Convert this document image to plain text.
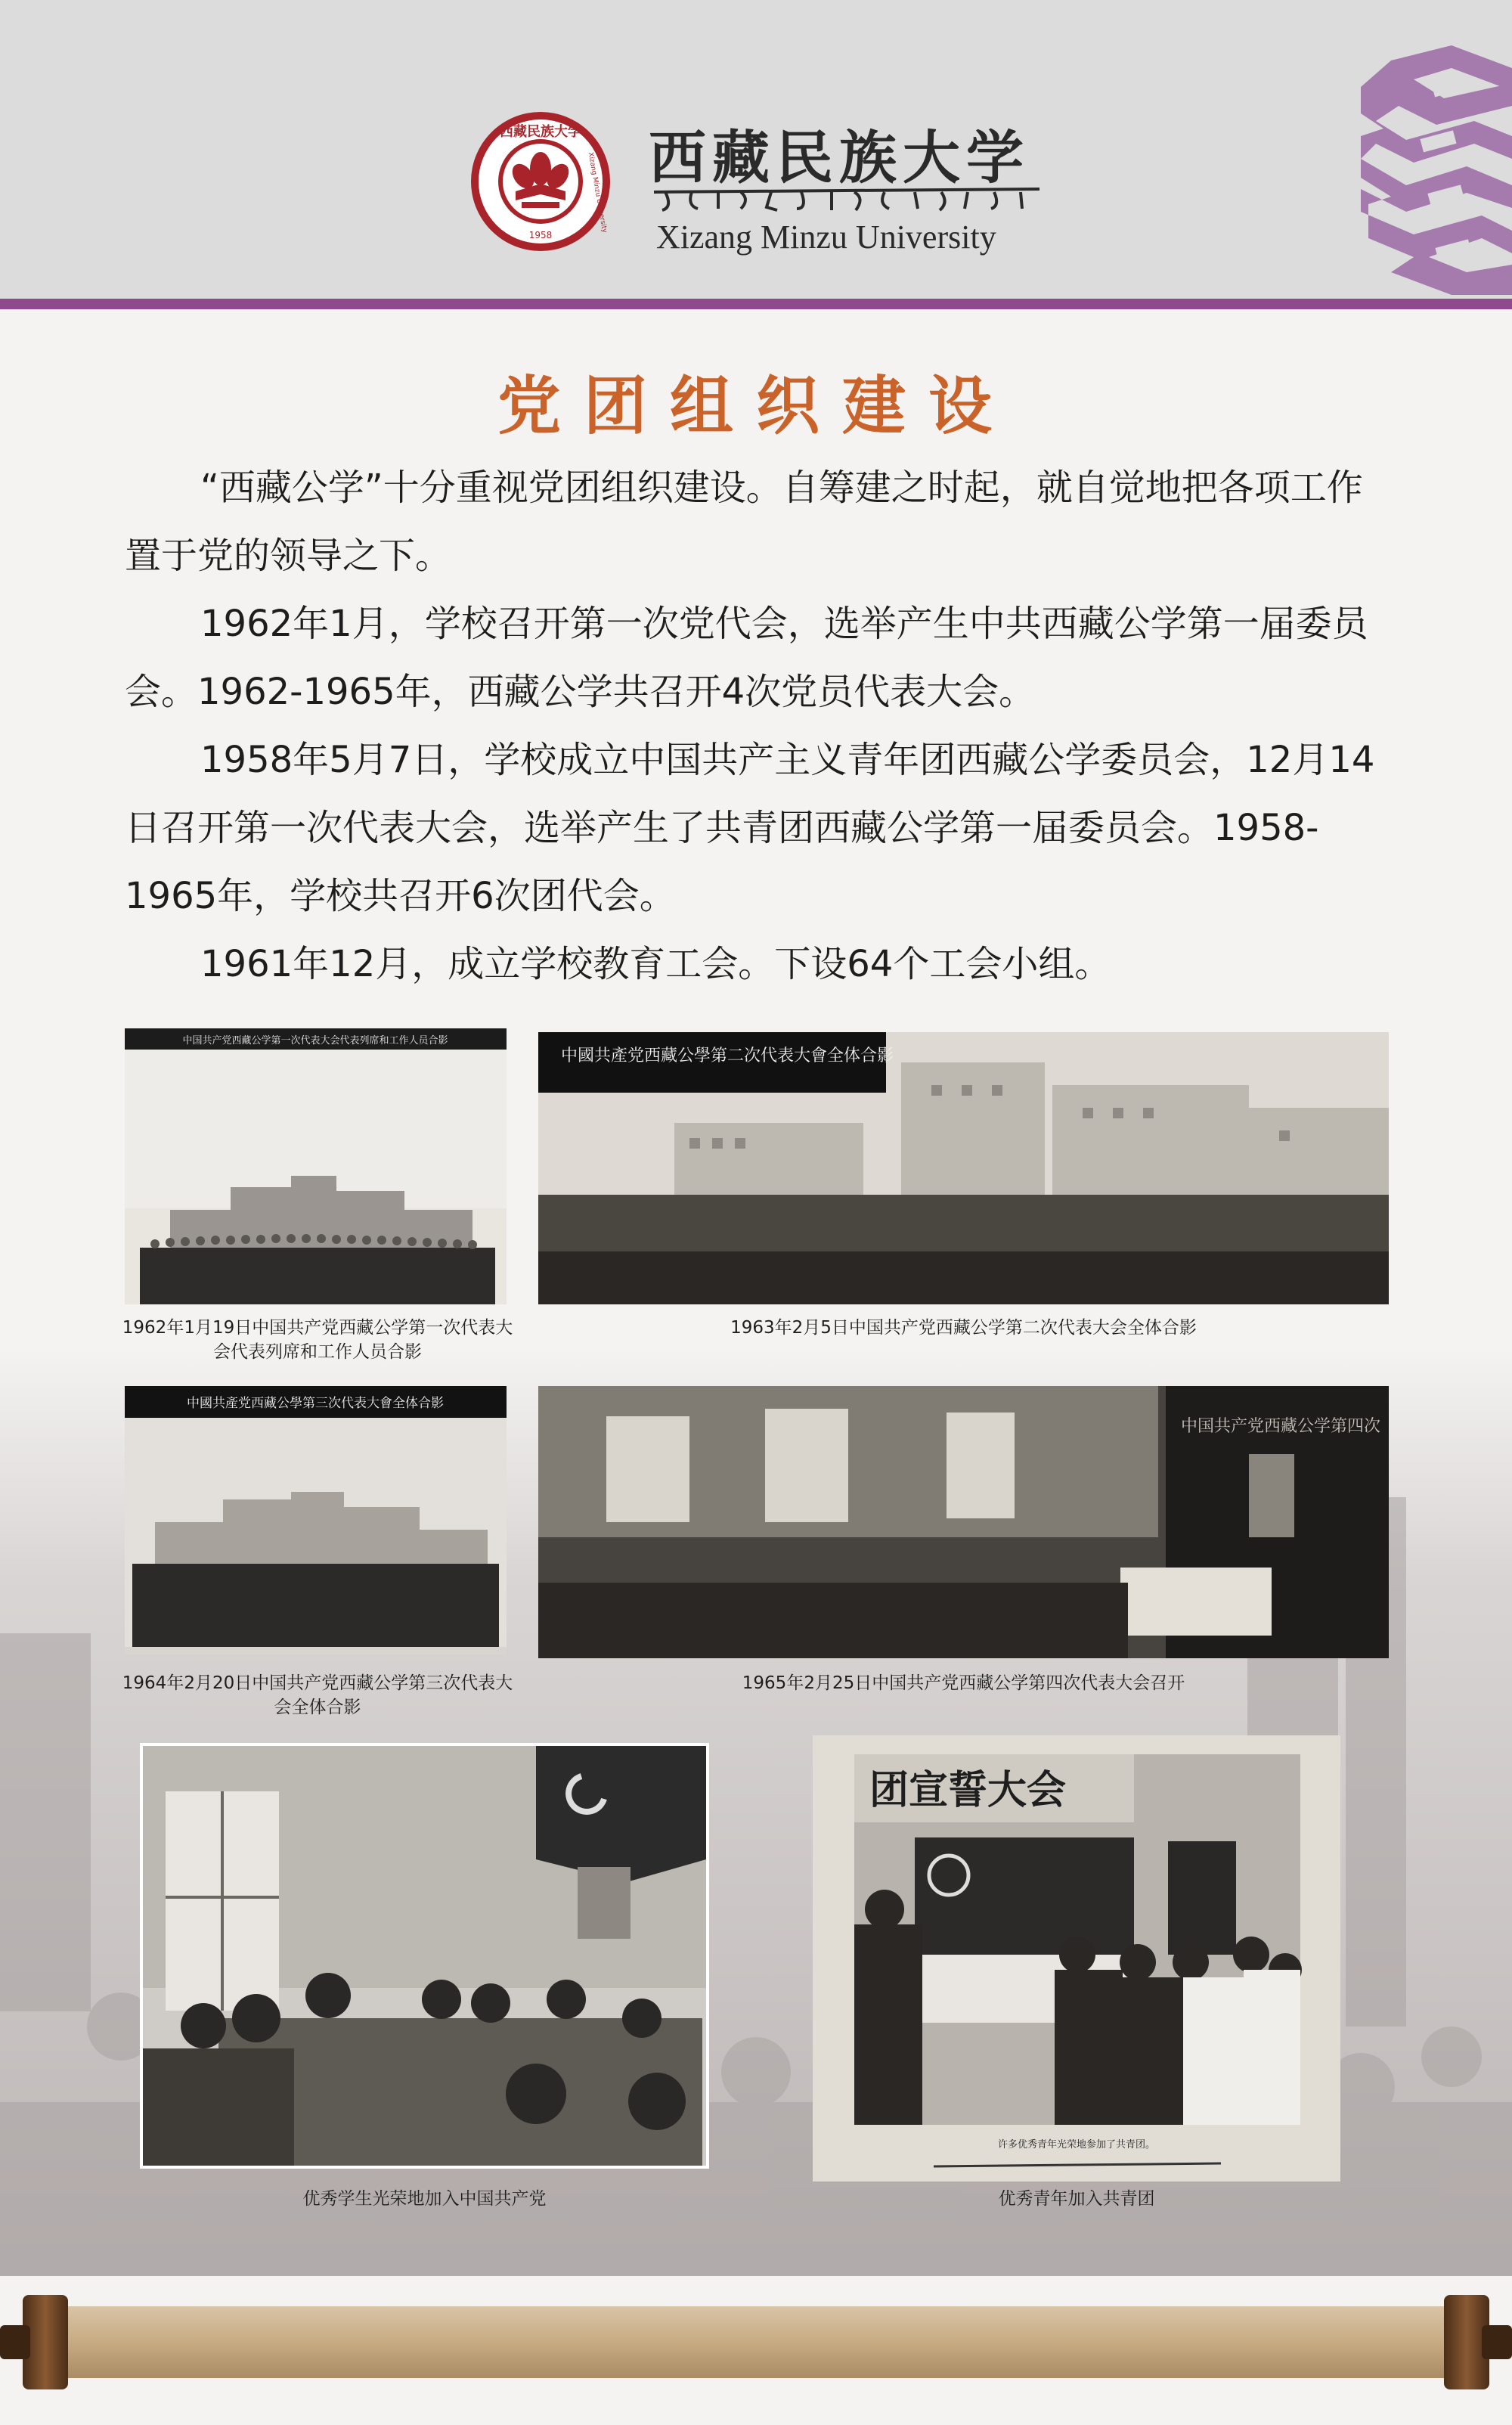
西藏民族大学
1958
Xizang Minzu University 西藏民族大学
Xizang Minzu University
党团组织建设
“西藏公学”十分重视党团组织建设。自筹建之时起，就自觉地把各项工作置于党的领导之下。
1962年1月，学校召开第一次党代会，选举产生中共西藏公学第一届委员会。1962-1965年，西藏公学共召开4次党员代表大会。
1958年5月7日，学校成立中国共产主义青年团西藏公学委员会，12月14日召开第一次代表大会，选举产生了共青团西藏公学第一届委员会。1958-1965年，学校共召开6次团代会。
1961年12月，成立学校教育工会。下设64个工会小组。
中国共产党西藏公学第一次代表大会代表列席和工作人员合影
1962年1月19日中国共产党西藏公学第一次代表大会代表列席和工作人员合影
中國共產党西藏公學第二次代表大會全体合影
1963年2月5日中国共产党西藏公学第二次代表大会全体合影
中國共產党西藏公學第三次代表大會全体合影
1964年2月20日中国共产党西藏公学第三次代表大会全体合影
中国共产党西藏公学第四次
1965年2月25日中国共产党西藏公学第四次代表大会召开
优秀学生光荣地加入中国共产党
团宣誓大会
许多优秀青年光荣地参加了共青团。
优秀青年加入共青团
